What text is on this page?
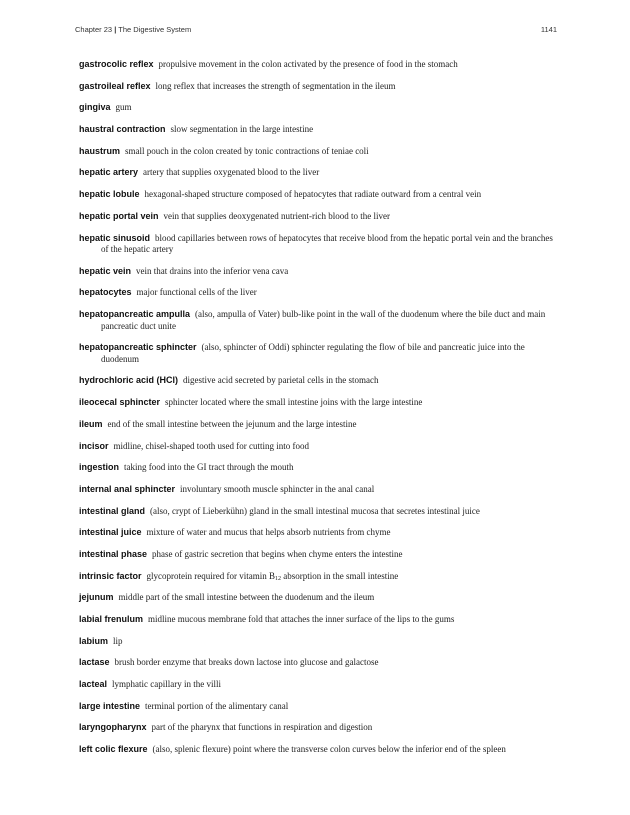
Chapter 23 | The Digestive System	1141
gastrocolic reflex propulsive movement in the colon activated by the presence of food in the stomach
gastroileal reflex long reflex that increases the strength of segmentation in the ileum
gingiva gum
haustral contraction slow segmentation in the large intestine
haustrum small pouch in the colon created by tonic contractions of teniae coli
hepatic artery artery that supplies oxygenated blood to the liver
hepatic lobule hexagonal-shaped structure composed of hepatocytes that radiate outward from a central vein
hepatic portal vein vein that supplies deoxygenated nutrient-rich blood to the liver
hepatic sinusoid blood capillaries between rows of hepatocytes that receive blood from the hepatic portal vein and the branches of the hepatic artery
hepatic vein vein that drains into the inferior vena cava
hepatocytes major functional cells of the liver
hepatopancreatic ampulla (also, ampulla of Vater) bulb-like point in the wall of the duodenum where the bile duct and main pancreatic duct unite
hepatopancreatic sphincter (also, sphincter of Oddi) sphincter regulating the flow of bile and pancreatic juice into the duodenum
hydrochloric acid (HCl) digestive acid secreted by parietal cells in the stomach
ileocecal sphincter sphincter located where the small intestine joins with the large intestine
ileum end of the small intestine between the jejunum and the large intestine
incisor midline, chisel-shaped tooth used for cutting into food
ingestion taking food into the GI tract through the mouth
internal anal sphincter involuntary smooth muscle sphincter in the anal canal
intestinal gland (also, crypt of Lieberkühn) gland in the small intestinal mucosa that secretes intestinal juice
intestinal juice mixture of water and mucus that helps absorb nutrients from chyme
intestinal phase phase of gastric secretion that begins when chyme enters the intestine
intrinsic factor glycoprotein required for vitamin $B_{12}$ absorption in the small intestine
jejunum middle part of the small intestine between the duodenum and the ileum
labial frenulum midline mucous membrane fold that attaches the inner surface of the lips to the gums
labium lip
lactase brush border enzyme that breaks down lactose into glucose and galactose
lacteal lymphatic capillary in the villi
large intestine terminal portion of the alimentary canal
laryngopharynx part of the pharynx that functions in respiration and digestion
left colic flexure (also, splenic flexure) point where the transverse colon curves below the inferior end of the spleen
